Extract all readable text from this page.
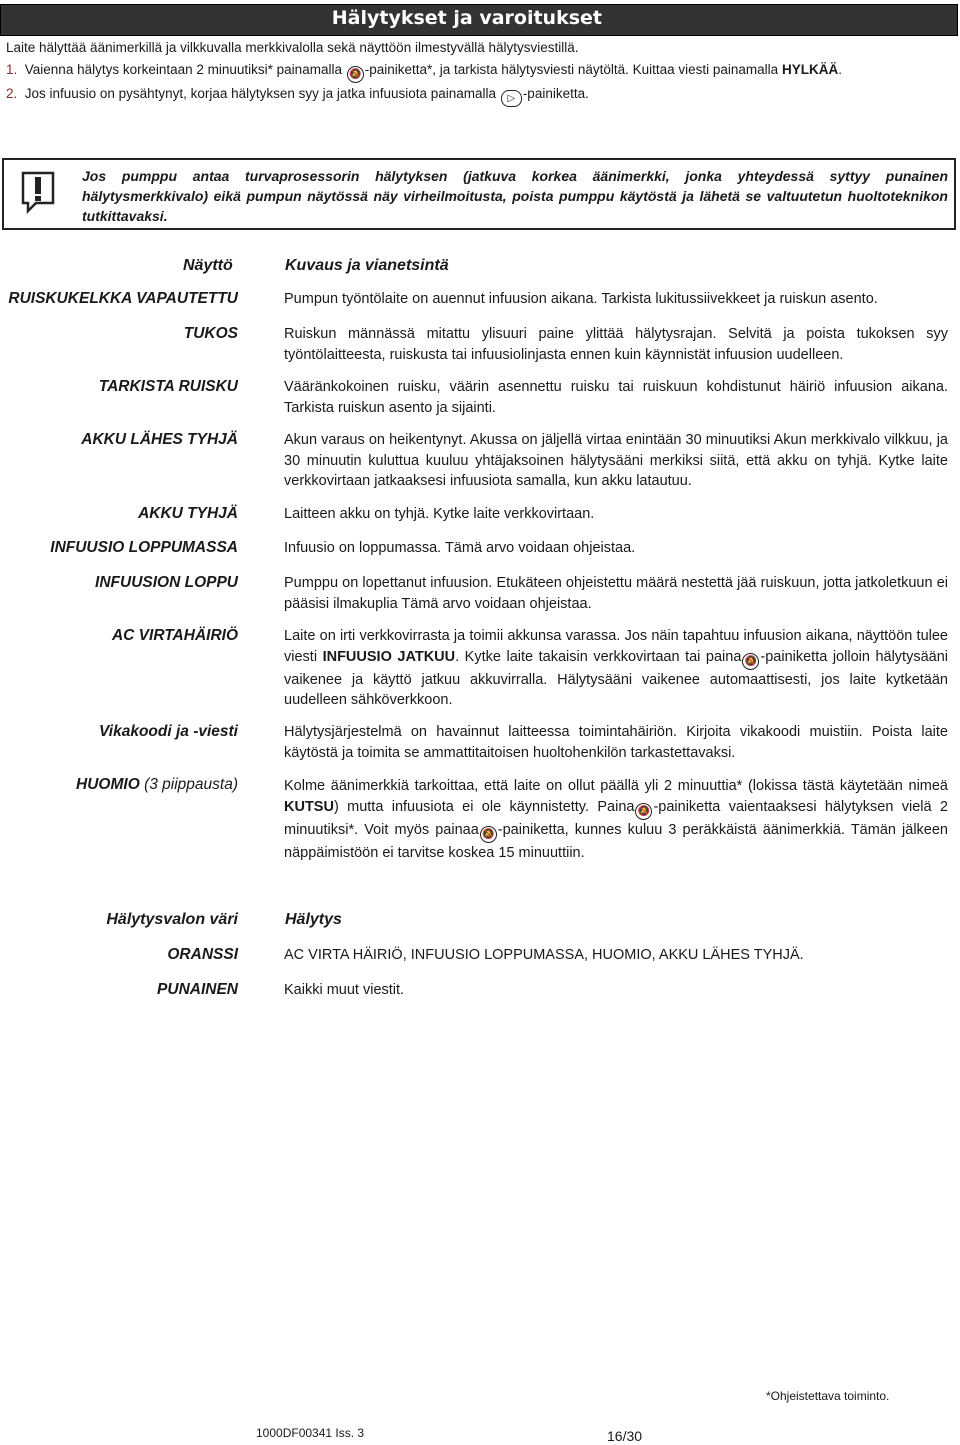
Hälytykset ja varoitukset
Laite hälyttää äänimerkillä ja vilkkuvalla merkkivalolla sekä näyttöön ilmestyvällä hälytysviestillä.
1. Vaienna hälytys korkeintaan 2 minuutiksi* painamalla 🔕 -painiketta*, ja tarkista hälytysviesti näytöltä. Kuittaa viesti painamalla HYLKÄÄ.
2. Jos infuusio on pysähtynyt, korjaa hälytyksen syy ja jatka infuusiota painamalla ▷ -painiketta.
Jos pumppu antaa turvaprosessorin hälytyksen (jatkuva korkea äänimerkki, jonka yhteydessä syttyy punainen hälytysmerkkivalo) eikä pumpun näytössä näy virheilmoitusta, poista pumppu käytöstä ja lähetä se valtuutetun huoltoteknikon tutkittavaksi.
Näyttö	Kuvaus ja vianetsintä
RUISKUKELKKA VAPAUTETTU	Pumpun työntölaite on auennut infuusion aikana. Tarkista lukitussiivekkeet ja ruiskun asento.
TUKOS	Ruiskun männässä mitattu ylisuuri paine ylittää hälytysrajan. Selvitä ja poista tukoksen syy työntölaitteesta, ruiskusta tai infuusiolinjasta ennen kuin käynnistät infuusion uudelleen.
TARKISTA RUISKU	Vääränkokoinen ruisku, väärin asennettu ruisku tai ruiskuun kohdistunut häiriö infuusion aikana. Tarkista ruiskun asento ja sijainti.
AKKU LÄHES TYHJÄ	Akun varaus on heikentynyt. Akussa on jäljellä virtaa enintään 30 minuutiksi Akun merkkivalo vilkkuu, ja 30 minuutin kuluttua kuuluu yhtäjaksoinen hälytysääni merkiksi siitä, että akku on tyhjä. Kytke laite verkkovirtaan jatkaaksesi infuusiota samalla, kun akku latautuu.
AKKU TYHJÄ	Laitteen akku on tyhjä. Kytke laite verkkovirtaan.
INFUUSIO LOPPUMASSA	Infuusio on loppumassa. Tämä arvo voidaan ohjeistaa.
INFUUSION LOPPU	Pumppu on lopettanut infuusion. Etukäteen ohjeistettu määrä nestettä jää ruiskuun, jotta jatkoletkuun ei pääsisi ilmakuplia Tämä arvo voidaan ohjeistaa.
AC VIRTAHÄIRIÖ	Laite on irti verkkovirrasta ja toimii akkunsa varassa. Jos näin tapahtuu infuusion aikana, näyttöön tulee viesti INFUUSIO JATKUU. Kytke laite takaisin verkkovirtaan tai paina 🔕 -painiketta jolloin hälytysääni vaikenee ja käyttö jatkuu akkuvirralla. Hälytysääni vaikenee automaattisesti, jos laite kytketään uudelleen sähköverkkoon.
Vikakoodi ja -viesti	Hälytysjärjestelmä on havainnut laitteessa toimintahäiriön. Kirjoita vikakoodi muistiin. Poista laite käytöstä ja toimita se ammattitaitoisen huoltohenkilön tarkastettavaksi.
HUOMIO (3 piippausta)	Kolme äänimerkkiä tarkoittaa, että laite on ollut päällä yli 2 minuuttia* (lokissa tästä käytetään nimeä KUTSU) mutta infuusiota ei ole käynnistetty. Paina 🔕 -painiketta vaientaaksesi hälytyksen vielä 2 minuutiksi*. Voit myös painaa 🔕 -painiketta, kunnes kuluu 3 peräkkäistä äänimerkkiä. Tämän jälkeen näppäimistöön ei tarvitse koskea 15 minuuttiin.
Hälytysvalon väri	Hälytys
ORANSSI	AC VIRTA HÄIRIÖ, INFUUSIO LOPPUMASSA, HUOMIO, AKKU LÄHES TYHJÄ.
PUNAINEN	Kaikki muut viestit.
*Ohjeistettava toiminto.
1000DF00341 Iss. 3	16/30
